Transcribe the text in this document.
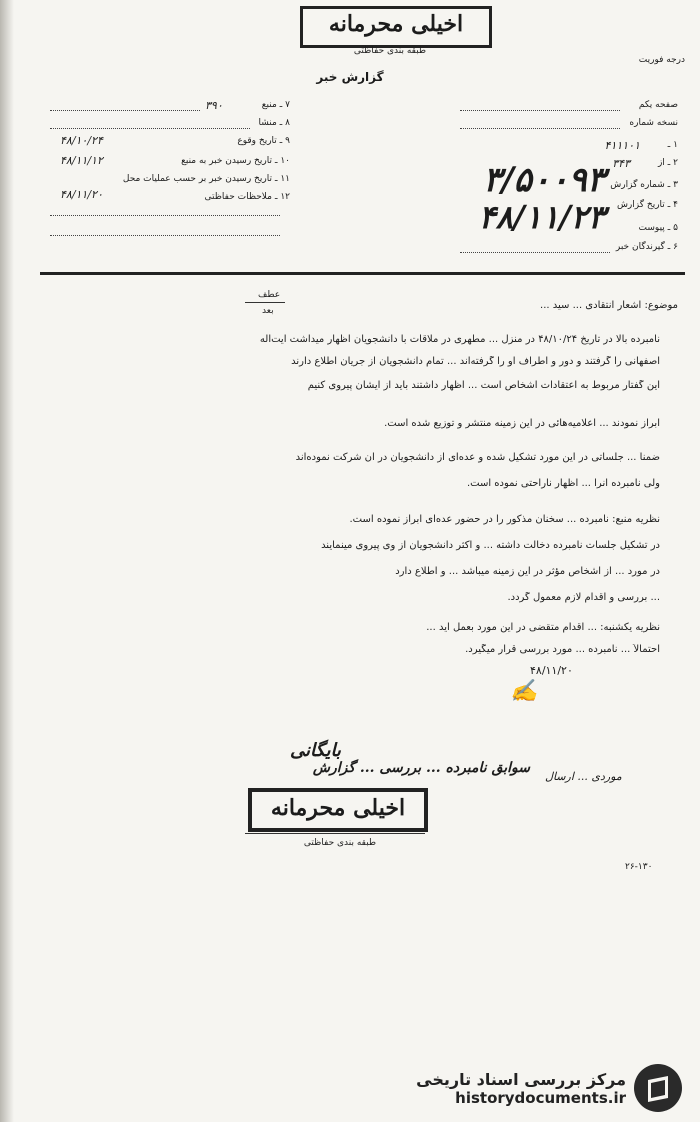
اخیلی محرمانه
طبقه بندی حفاظتی
گزارش خبر
درجه فوریت
صفحه یکم
نسخه شماره
۱ ـ
۴۱۱۱۰۱
۲ ـ از
۳۴۳
۳ ـ شماره گزارش
۳/۵۰۰۹۳
۴ ـ تاریخ گزارش
۴۸/۱۱/۲۳	۵ ـ پیوست
۶ ـ گیرندگان خبر
۷ ـ منبع
۳۹۰
۸ ـ منشا
۹ ـ تاریخ وقوع
۴۸/۱۰/۲۴
۱۰ ـ تاریخ رسیدن خبر به منبع
۴۸/۱۱/۱۲
۱۱ ـ تاریخ رسیدن خبر بر حسب عملیات محل
۱۲ ـ ملاحظات حفاظتی
۴۸/۱۱/۲۰
عطف
بعد	موضوع: اشعار انتقادی ... سید ...
نامبرده بالا در تاریخ ۴۸/۱۰/۲۴ در منزل ... مطهری در ملاقات با دانشجویان اظهار میداشت آیت‌اله
اصفهانی را گرفتند و دور و اطراف او را گرفته‌اند ... تمام دانشجویان از جریان اطلاع دارند
این گفتار مربوط به اعتقادات اشخاص است ... اظهار داشتند باید از ایشان پیروی کنیم
ابراز نمودند ... اعلامیه‌هائی در این زمینه منتشر و توزیع شده است.
ضمناً ... جلساتی در این مورد تشکیل شده و عده‌ای از دانشجویان در آن شرکت نموده‌اند
ولی نامبرده آنرا ... اظهار ناراحتی نموده است.
نظریه منبع: نامبرده ... سخنان مذکور را در حضور عده‌ای ابراز نموده است.
در تشکیل جلسات نامبرده دخالت داشته ... و اکثر دانشجویان از وی پیروی مینمایند
در مورد ... از اشخاص مؤثر در این زمینه میباشد ... و اطلاع دارد
... بررسی و اقدام لازم معمول گردد.
نظریه یکشنبه: ... اقدام متقضی در این مورد بعمل آید ...
احتمالاً ... نامبرده ... مورد بررسی قرار میگیرد.
۴۸/۱۱/۲۰
✍
بایگانی
سوابق نامبرده ... بررسی ... گزارش
موردی ... ارسال
اخیلی محرمانه
طبقه بندی حفاظتی
۲۶-۱۳۰
مرکز بررسی اسناد تاریخی
historydocuments.ir
